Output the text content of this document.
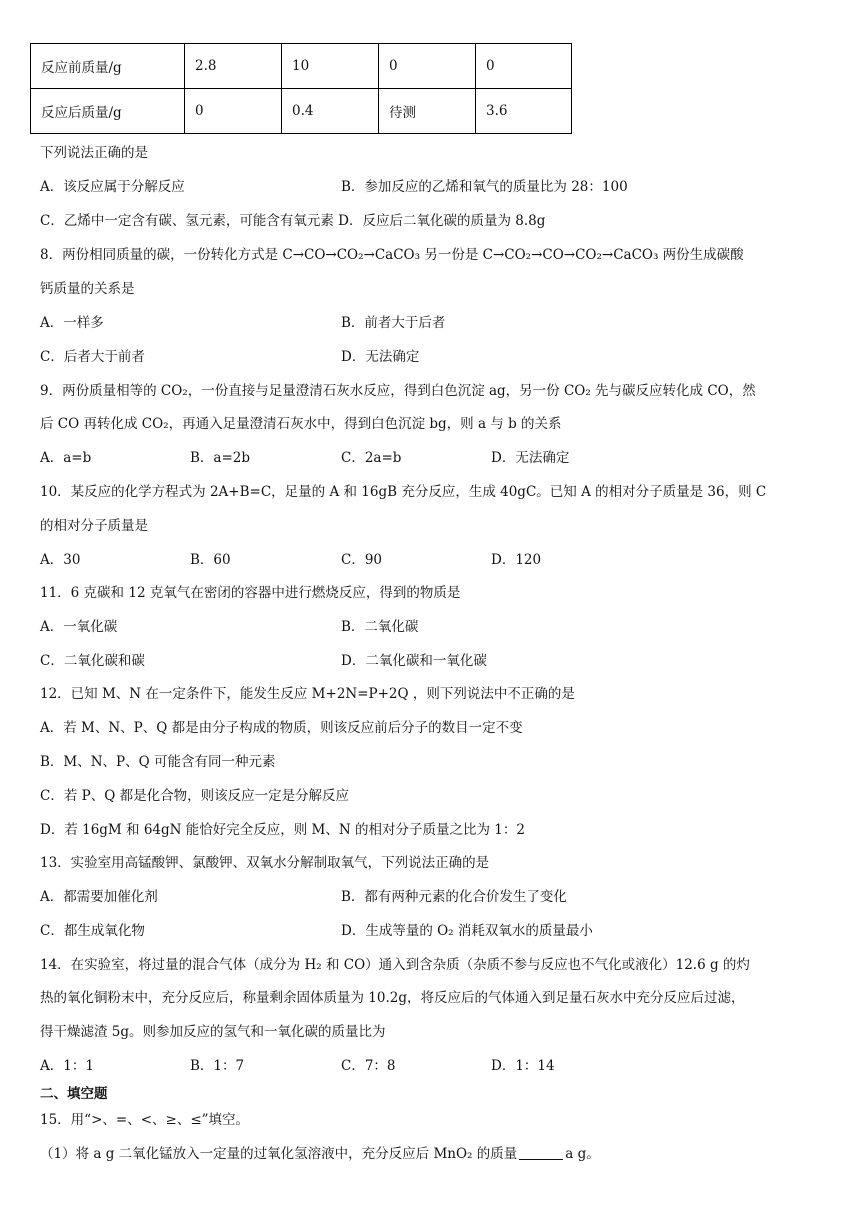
反应前质量/g	2.8	10	0	0
反应后质量/g	0	0.4	待测	3.6
下列说法正确的是
A．该反应属于分解反应	B．参加反应的乙烯和氧气的质量比为 28：100
C．乙烯中一定含有碳、氢元素，可能含有氧元素 D．反应后二氧化碳的质量为 8.8g
8．两份相同质量的碳，一份转化方式是 C→CO→CO₂→CaCO₃ 另一份是 C→CO₂→CO→CO₂→CaCO₃ 两份生成碳酸
钙质量的关系是
A．一样多	B．前者大于后者
C．后者大于前者	D．无法确定
9．两份质量相等的 CO₂，一份直接与足量澄清石灰水反应，得到白色沉淀 ag，另一份 CO₂ 先与碳反应转化成 CO，然
后 CO 再转化成 CO₂，再通入足量澄清石灰水中，得到白色沉淀 bg，则 a 与 b 的关系
A．a=b	B．a=2b	C．2a=b	D．无法确定
10．某反应的化学方程式为 2A+B=C，足量的 A 和 16gB 充分反应，生成 40gC。已知 A 的相对分子质量是 36，则 C
的相对分子质量是
A．30	B．60	C．90	D．120
11．6 克碳和 12 克氧气在密闭的容器中进行燃烧反应，得到的物质是
A．一氧化碳	B．二氧化碳
C．二氧化碳和碳	D．二氧化碳和一氧化碳
12．已知 M、N 在一定条件下，能发生反应 M+2N=P+2Q ，则下列说法中不正确的是
A．若 M、N、P、Q 都是由分子构成的物质，则该反应前后分子的数目一定不变
B．M、N、P、Q 可能含有同一种元素
C．若 P、Q 都是化合物，则该反应一定是分解反应
D．若 16gM 和 64gN 能恰好完全反应，则 M、N 的相对分子质量之比为 1：2
13．实验室用高锰酸钾、氯酸钾、双氧水分解制取氧气，下列说法正确的是
A．都需要加催化剂	B．都有两种元素的化合价发生了变化
C．都生成氧化物	D．生成等量的 O₂ 消耗双氧水的质量最小
14．在实验室，将过量的混合气体（成分为 H₂ 和 CO）通入到含杂质（杂质不参与反应也不气化或液化）12.6 g 的灼
热的氧化铜粉末中，充分反应后，称量剩余固体质量为 10.2g，将反应后的气体通入到足量石灰水中充分反应后过滤，
得干燥滤渣 5g。则参加反应的氢气和一氧化碳的质量比为
A．1：1	B．1：7	C．7：8	D．1：14
二、填空题
15．用“>、=、<、≥、≤”填空。
（1）将 a g 二氧化锰放入一定量的过氧化氢溶液中，充分反应后 MnO₂ 的质量	a g。
